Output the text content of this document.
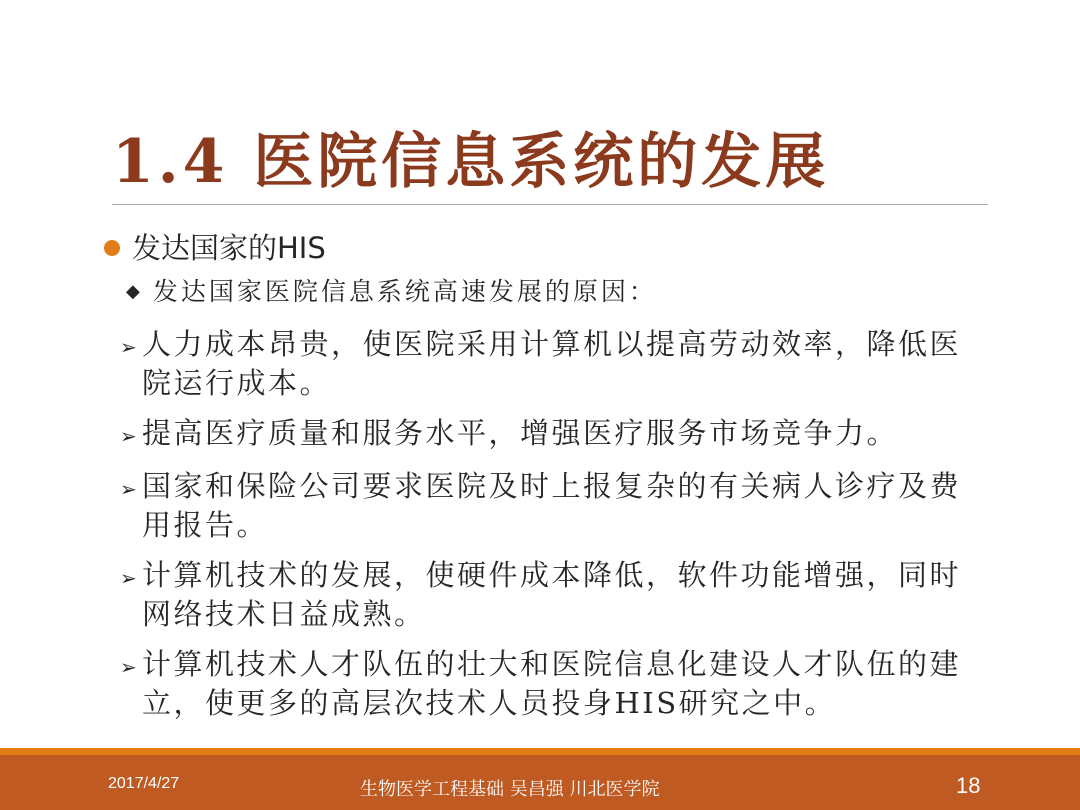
1.4 医院信息系统的发展
发达国家的HIS
◆ 发达国家医院信息系统高速发展的原因：

➢人力成本昂贵，使医院采用计算机以提高劳动效率，降低医院运行成本。

➢提高医疗质量和服务水平，增强医疗服务市场竞争力。

➢国家和保险公司要求医院及时上报复杂的有关病人诊疗及费用报告。

➢计算机技术的发展，使硬件成本降低，软件功能增强，同时网络技术日益成熟。

➢计算机技术人才队伍的壮大和医院信息化建设人才队伍的建立，使更多的高层次技术人员投身HIS研究之中。

2017/4/27	生物医学工程基础 吴昌强 川北医学院	18
